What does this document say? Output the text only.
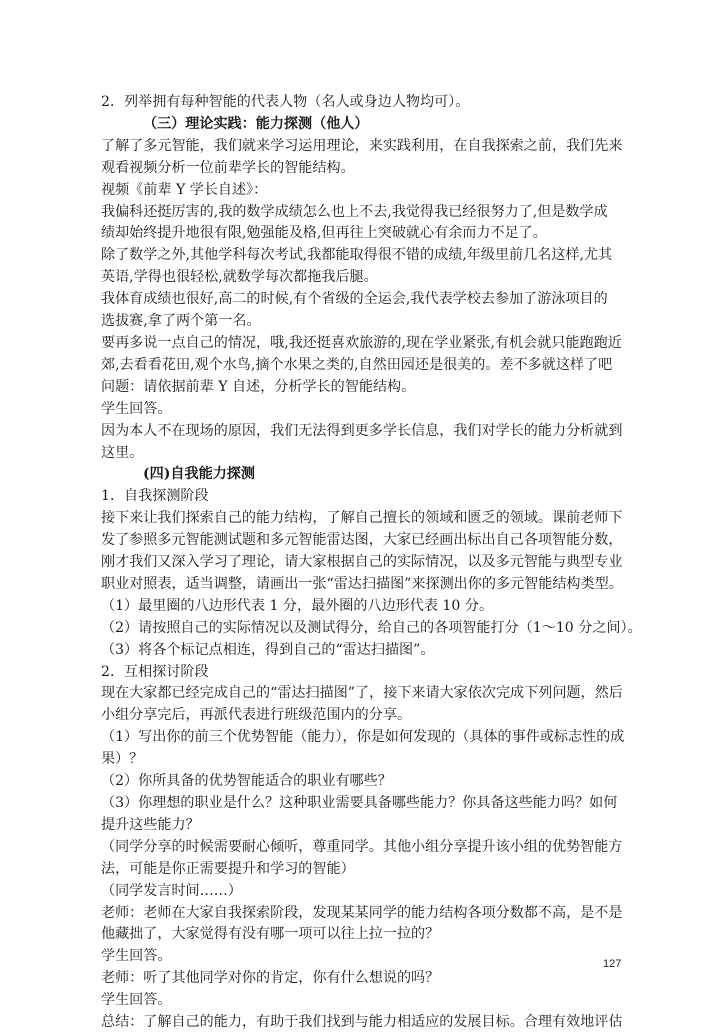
2．列举拥有每种智能的代表人物（名人或身边人物均可）。
（三）理论实践：能力探测（他人）
了解了多元智能，我们就来学习运用理论，来实践利用，在自我探索之前，我们先来
观看视频分析一位前辈学长的智能结构。
视频《前辈 Y 学长自述》：
我偏科还挺厉害的,我的数学成绩怎么也上不去,我觉得我已经很努力了,但是数学成
绩却始终提升地很有限,勉强能及格,但再往上突破就心有余而力不足了。
除了数学之外,其他学科每次考试,我都能取得很不错的成绩,年级里前几名这样,尤其
英语,学得也很轻松,就数学每次都拖我后腿。
我体育成绩也很好,高二的时候,有个省级的全运会,我代表学校去参加了游泳项目的
选拔赛,拿了两个第一名。
要再多说一点自己的情况，哦,我还挺喜欢旅游的,现在学业紧张,有机会就只能跑跑近
郊,去看看花田,观个水鸟,摘个水果之类的,自然田园还是很美的。差不多就这样了吧
问题：请依据前辈 Y 自述，分析学长的智能结构。
学生回答。
因为本人不在现场的原因，我们无法得到更多学长信息，我们对学长的能力分析就到
这里。
(四)自我能力探测
1．自我探测阶段
接下来让我们探索自己的能力结构，了解自己擅长的领域和匮乏的领域。课前老师下
发了参照多元智能测试题和多元智能雷达图，大家已经画出标出自己各项智能分数，
刚才我们又深入学习了理论，请大家根据自己的实际情况，以及多元智能与典型专业
职业对照表，适当调整，请画出一张“雷达扫描图”来探测出你的多元智能结构类型。
（1）最里圈的八边形代表 1 分，最外圈的八边形代表 10 分。
（2）请按照自己的实际情况以及测试得分，给自己的各项智能打分（1～10 分之间）。
（3）将各个标记点相连，得到自己的“雷达扫描图”。
2．互相探讨阶段
现在大家都已经完成自己的“雷达扫描图”了，接下来请大家依次完成下列问题，然后
小组分享完后，再派代表进行班级范围内的分享。
（1）写出你的前三个优势智能（能力），你是如何发现的（具体的事件或标志性的成
果）？
（2）你所具备的优势智能适合的职业有哪些？
（3）你理想的职业是什么？这种职业需要具备哪些能力？你具备这些能力吗？如何
提升这些能力？
（同学分享的时候需要耐心倾听，尊重同学。其他小组分享提升该小组的优势智能方
法，可能是你正需要提升和学习的智能）
（同学发言时间……）
老师：老师在大家自我探索阶段，发现某某同学的能力结构各项分数都不高，是不是
他藏拙了，大家觉得有没有哪一项可以往上拉一拉的？
学生回答。
老师：听了其他同学对你的肯定，你有什么想说的吗？
学生回答。
总结：了解自己的能力，有助于我们找到与能力相适应的发展目标。合理有效地评估
127
